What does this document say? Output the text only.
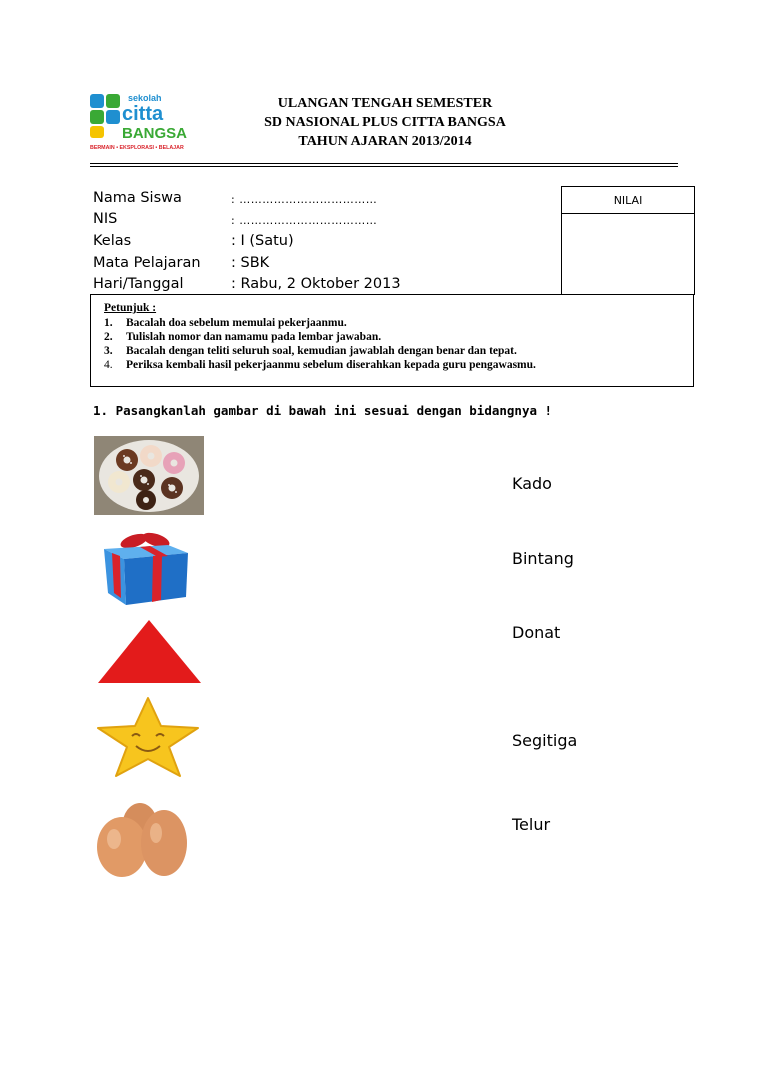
sekolah
citta
BANGSA
BERMAIN • EKSPLORASI • BELAJAR
ULANGAN TENGAH SEMESTER
SD NASIONAL PLUS CITTA BANGSA
TAHUN AJARAN 2013/2014
Nama Siswa	: ………………………………
NIS	: ………………………………
Kelas	: I (Satu)
Mata Pelajaran : SBK
Hari/Tanggal	: Rabu, 2 Oktober 2013
NILAI
Petunjuk :
1. Bacalah doa sebelum memulai pekerjaanmu.
2. Tulislah nomor dan namamu pada lembar jawaban.
3. Bacalah dengan teliti seluruh soal, kemudian jawablah dengan benar dan tepat.
4. Periksa kembali hasil pekerjaanmu sebelum diserahkan kepada guru pengawasmu.
1. Pasangkanlah gambar di bawah ini sesuai dengan bidangnya !
Kado
Bintang
Donat
Segitiga
Telur
